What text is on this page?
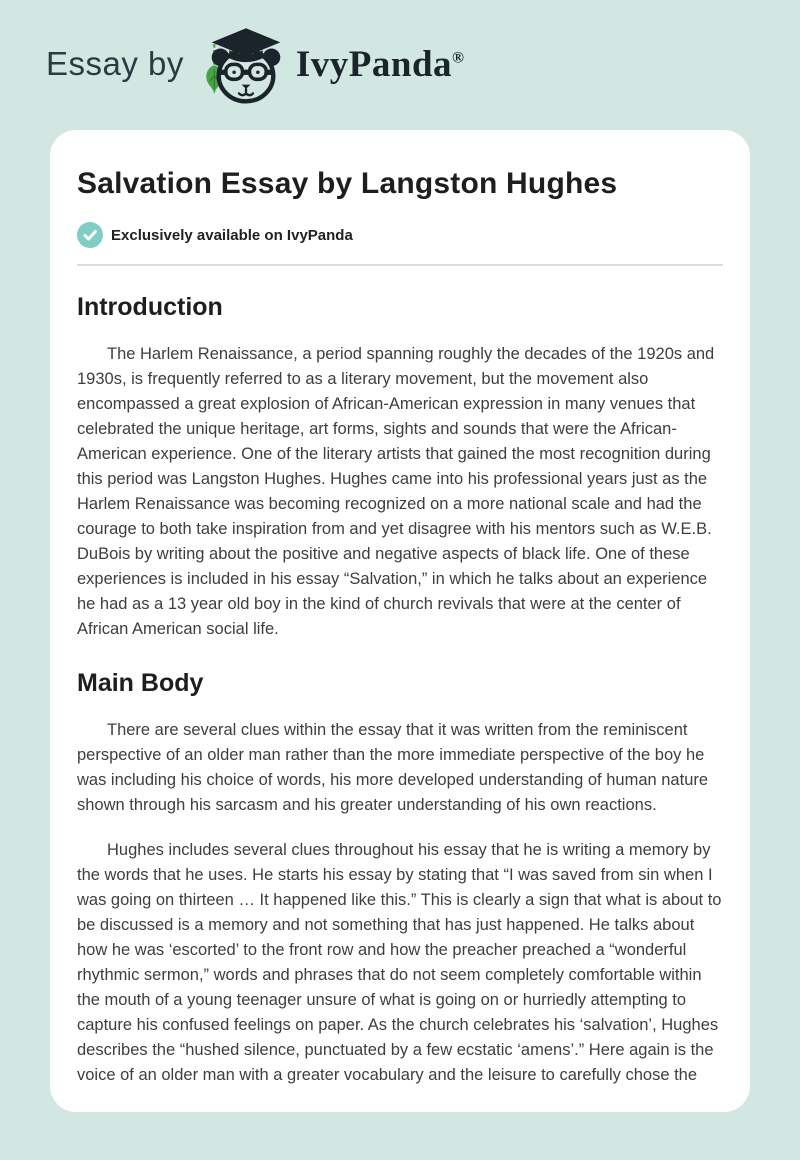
Essay by	IvyPanda®
Salvation Essay by Langston Hughes
Exclusively available on IvyPanda
Introduction

The Harlem Renaissance, a period spanning roughly the decades of the 1920s and 1930s, is frequently referred to as a literary movement, but the movement also encompassed a great explosion of African-American expression in many venues that celebrated the unique heritage, art forms, sights and sounds that were the African-American experience. One of the literary artists that gained the most recognition during this period was Langston Hughes. Hughes came into his professional years just as the Harlem Renaissance was becoming recognized on a more national scale and had the courage to both take inspiration from and yet disagree with his mentors such as W.E.B. DuBois by writing about the positive and negative aspects of black life. One of these experiences is included in his essay “Salvation,” in which he talks about an experience he had as a 13 year old boy in the kind of church revivals that were at the center of African American social life.

Main Body

There are several clues within the essay that it was written from the reminiscent perspective of an older man rather than the more immediate perspective of the boy he was including his choice of words, his more developed understanding of human nature shown through his sarcasm and his greater understanding of his own reactions.

Hughes includes several clues throughout his essay that he is writing a memory by the words that he uses. He starts his essay by stating that “I was saved from sin when I was going on thirteen … It happened like this.” This is clearly a sign that what is about to be discussed is a memory and not something that has just happened. He talks about how he was ‘escorted’ to the front row and how the preacher preached a “wonderful rhythmic sermon,” words and phrases that do not seem completely comfortable within the mouth of a young teenager unsure of what is going on or hurriedly attempting to capture his confused feelings on paper. As the church celebrates his ‘salvation’, Hughes describes the “hushed silence, punctuated by a few ecstatic ‘amens’.” Here again is the voice of an older man with a greater vocabulary and the leisure to carefully chose the
